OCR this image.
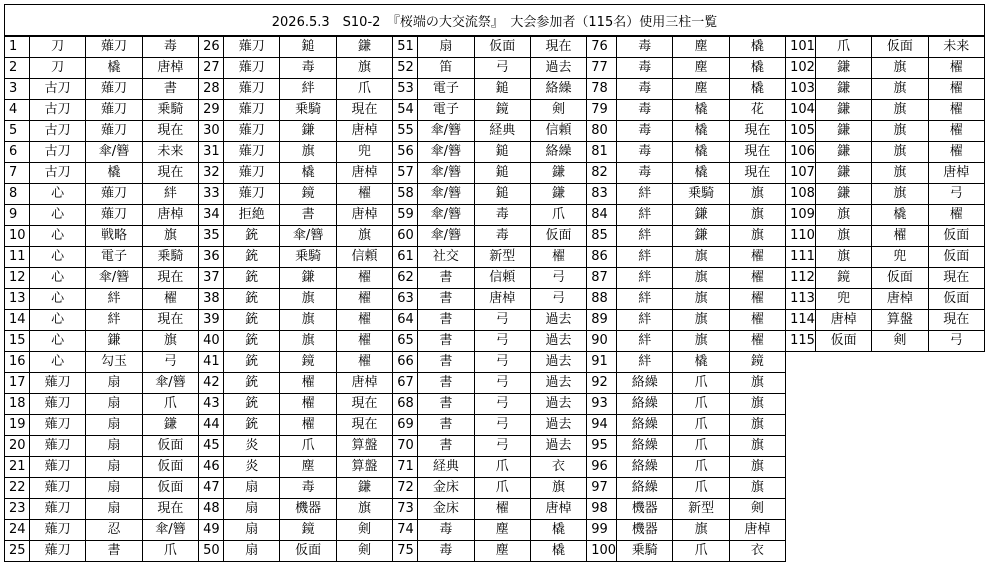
2026.5.3　S10-2　『桜端の大交流祭』　大会参加者（115名）使用三柱一覧
1	刀	薙刀	毒	26	薙刀	鎚	鎌	51	扇	仮面	現在	76	毒	塵	橇	101	爪	仮面	未来
2	刀	橇	唐棹	27	薙刀	毒	旗	52	笛	弓	過去	77	毒	塵	橇	102	鎌	旗	櫂
3	古刀	薙刀	書	28	薙刀	絆	爪	53	電子	鎚	絡繰	78	毒	塵	橇	103	鎌	旗	櫂
4	古刀	薙刀	乗騎	29	薙刀	乗騎	現在	54	電子	鏡	剣	79	毒	橇	花	104	鎌	旗	櫂
5	古刀	薙刀	現在	30	薙刀	鎌	唐棹	55	傘/簪	経典	信頼	80	毒	橇	現在	105	鎌	旗	櫂
6	古刀	傘/簪	未来	31	薙刀	旗	兜	56	傘/簪	鎚	絡繰	81	毒	橇	現在	106	鎌	旗	櫂
7	古刀	橇	現在	32	薙刀	橇	唐棹	57	傘/簪	鎚	鎌	82	毒	橇	現在	107	鎌	旗	唐棹
8	心	薙刀	絆	33	薙刀	鏡	櫂	58	傘/簪	鎚	鎌	83	絆	乗騎	旗	108	鎌	旗	弓
9	心	薙刀	唐棹	34	拒絶	書	唐棹	59	傘/簪	毒	爪	84	絆	鎌	旗	109	旗	橇	櫂
10	心	戦略	旗	35	銃	傘/簪	旗	60	傘/簪	毒	仮面	85	絆	鎌	旗	110	旗	櫂	仮面
11	心	電子	乗騎	36	銃	乗騎	信頼	61	社交	新型	櫂	86	絆	旗	櫂	111	旗	兜	仮面
12	心	傘/簪	現在	37	銃	鎌	櫂	62	書	信頼	弓	87	絆	旗	櫂	112	鏡	仮面	現在
13	心	絆	櫂	38	銃	旗	櫂	63	書	唐棹	弓	88	絆	旗	櫂	113	兜	唐棹	仮面
14	心	絆	現在	39	銃	旗	櫂	64	書	弓	過去	89	絆	旗	櫂	114	唐棹	算盤	現在
15	心	鎌	旗	40	銃	旗	櫂	65	書	弓	過去	90	絆	旗	櫂	115	仮面	剣	弓
16	心	勾玉	弓	41	銃	鏡	櫂	66	書	弓	過去	91	絆	橇	鏡				
17	薙刀	扇	傘/簪	42	銃	櫂	唐棹	67	書	弓	過去	92	絡繰	爪	旗				
18	薙刀	扇	爪	43	銃	櫂	現在	68	書	弓	過去	93	絡繰	爪	旗				
19	薙刀	扇	鎌	44	銃	櫂	現在	69	書	弓	過去	94	絡繰	爪	旗				
20	薙刀	扇	仮面	45	炎	爪	算盤	70	書	弓	過去	95	絡繰	爪	旗				
21	薙刀	扇	仮面	46	炎	塵	算盤	71	経典	爪	衣	96	絡繰	爪	旗				
22	薙刀	扇	仮面	47	扇	毒	鎌	72	金床	爪	旗	97	絡繰	爪	旗				
23	薙刀	扇	現在	48	扇	機器	旗	73	金床	櫂	唐棹	98	機器	新型	剣				
24	薙刀	忍	傘/簪	49	扇	鏡	剣	74	毒	塵	橇	99	機器	旗	唐棹				
25	薙刀	書	爪	50	扇	仮面	剣	75	毒	塵	橇	100	乗騎	爪	衣				
